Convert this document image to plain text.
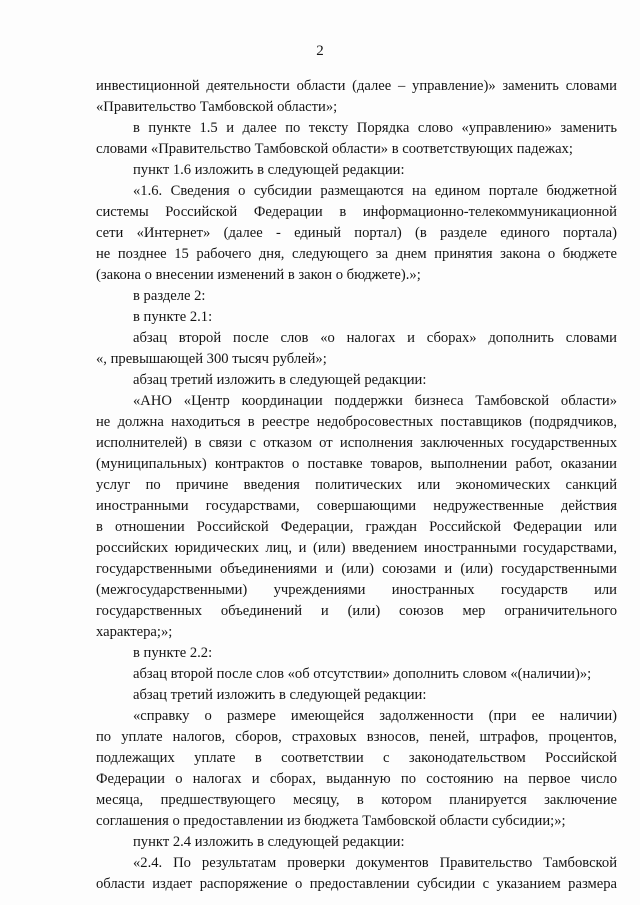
2
инвестиционной деятельности области (далее – управление)» заменить словами
«Правительство Тамбовской области»;
в пункте 1.5 и далее по тексту Порядка слово «управлению» заменить
словами «Правительство Тамбовской области» в соответствующих падежах;
пункт 1.6 изложить в следующей редакции:
«1.6. Сведения о субсидии размещаются на едином портале бюджетной
системы Российской Федерации в информационно-телекоммуникационной
сети «Интернет» (далее - единый портал) (в разделе единого портала)
не позднее 15 рабочего дня, следующего за днем принятия закона о бюджете
(закона о внесении изменений в закон о бюджете).»;
в разделе 2:
в пункте 2.1:
абзац второй после слов «о налогах и сборах» дополнить словами
«, превышающей 300 тысяч рублей»;
абзац третий изложить в следующей редакции:
«АНО «Центр координации поддержки бизнеса Тамбовской области»
не должна находиться в реестре недобросовестных поставщиков (подрядчиков,
исполнителей) в связи с отказом от исполнения заключенных государственных
(муниципальных) контрактов о поставке товаров, выполнении работ, оказании
услуг по причине введения политических или экономических санкций
иностранными государствами, совершающими недружественные действия
в отношении Российской Федерации, граждан Российской Федерации или
российских юридических лиц, и (или) введением иностранными государствами,
государственными объединениями и (или) союзами и (или) государственными
(межгосударственными) учреждениями иностранных государств или
государственных объединений и (или) союзов мер ограничительного
характера;»;
в пункте 2.2:
абзац второй после слов «об отсутствии» дополнить словом «(наличии)»;
абзац третий изложить в следующей редакции:
«справку о размере имеющейся задолженности (при ее наличии)
по уплате налогов, сборов, страховых взносов, пеней, штрафов, процентов,
подлежащих уплате в соответствии с законодательством Российской
Федерации о налогах и сборах, выданную по состоянию на первое число
месяца, предшествующего месяцу, в котором планируется заключение
соглашения о предоставлении из бюджета Тамбовской области субсидии;»;
пункт 2.4 изложить в следующей редакции:
«2.4. По результатам проверки документов Правительство Тамбовской
области издает распоряжение о предоставлении субсидии с указанием размера
